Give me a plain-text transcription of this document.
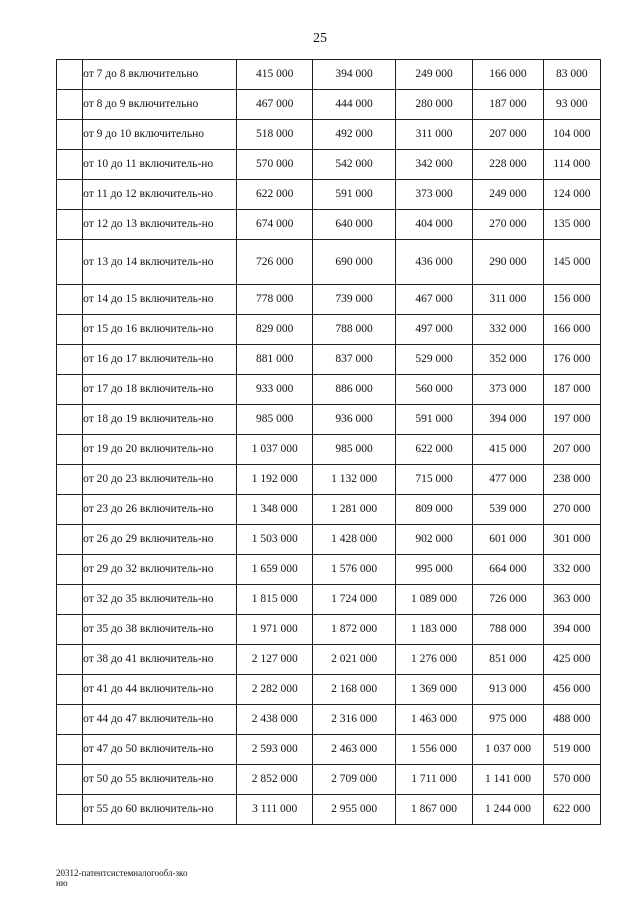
25
	от 7 до 8 включительно	415 000	394 000	249 000	166 000	83 000
	от 8 до 9 включительно	467 000	444 000	280 000	187 000	93 000
	от 9 до 10 включительно	518 000	492 000	311 000	207 000	104 000
	от 10 до 11 включитель-но	570 000	542 000	342 000	228 000	114 000
	от 11 до 12 включитель-но	622 000	591 000	373 000	249 000	124 000
	от 12 до 13 включитель-но	674 000	640 000	404 000	270 000	135 000
	от 13 до 14 включитель-но	726 000	690 000	436 000	290 000	145 000
	от 14 до 15 включитель-но	778 000	739 000	467 000	311 000	156 000
	от 15 до 16 включитель-но	829 000	788 000	497 000	332 000	166 000
	от 16 до 17 включитель-но	881 000	837 000	529 000	352 000	176 000
	от 17 до 18 включитель-но	933 000	886 000	560 000	373 000	187 000
	от 18 до 19 включитель-но	985 000	936 000	591 000	394 000	197 000
	от 19 до 20 включитель-но	1 037 000	985 000	622 000	415 000	207 000
	от 20 до 23 включитель-но	1 192 000	1 132 000	715 000	477 000	238 000
	от 23 до 26 включитель-но	1 348 000	1 281 000	809 000	539 000	270 000
	от 26 до 29 включитель-но	1 503 000	1 428 000	902 000	601 000	301 000
	от 29 до 32 включитель-но	1 659 000	1 576 000	995 000	664 000	332 000
	от 32 до 35 включитель-но	1 815 000	1 724 000	1 089 000	726 000	363 000
	от 35 до 38 включитель-но	1 971 000	1 872 000	1 183 000	788 000	394 000
	от 38 до 41 включитель-но	2 127 000	2 021 000	1 276 000	851 000	425 000
	от 41 до 44 включитель-но	2 282 000	2 168 000	1 369 000	913 000	456 000
	от 44 до 47 включитель-но	2 438 000	2 316 000	1 463 000	975 000	488 000
	от 47 до 50 включитель-но	2 593 000	2 463 000	1 556 000	1 037 000	519 000
	от 50 до 55 включитель-но	2 852 000	2 709 000	1 711 000	1 141 000	570 000
	от 55 до 60 включитель-но	3 111 000	2 955 000	1 867 000	1 244 000	622 000
20312-патентсистемналогообл-зко
ню
